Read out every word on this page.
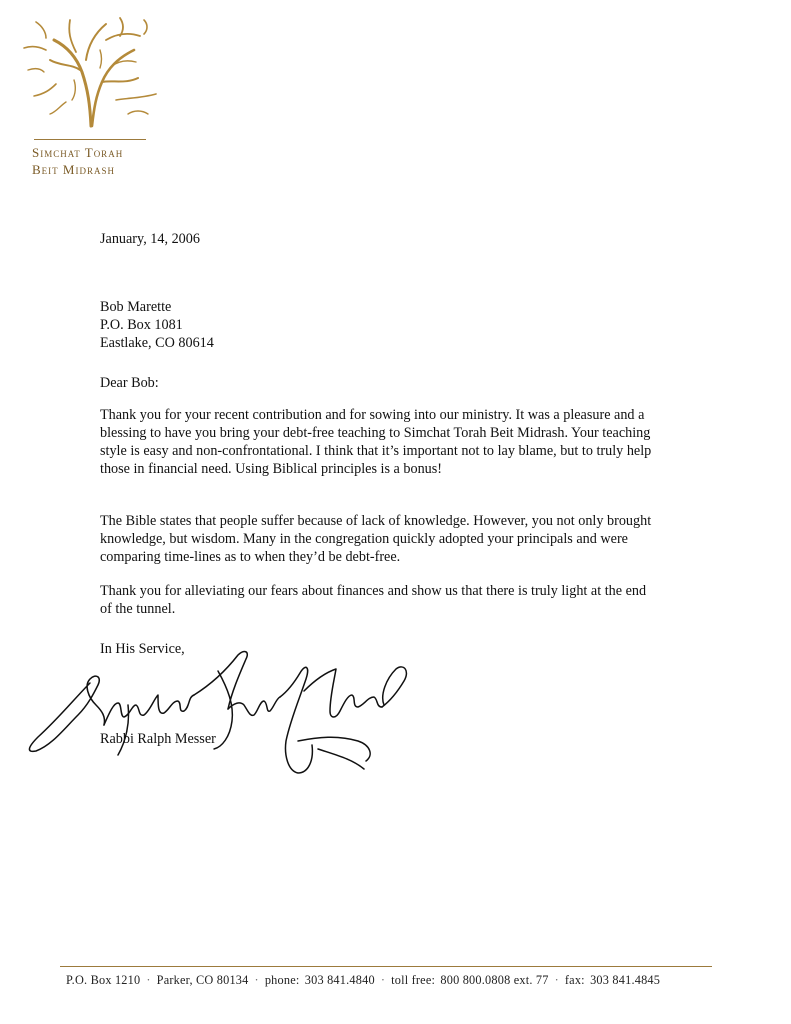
Simchat Torah
Beit Midrash
January, 14, 2006
Bob Marette
P.O. Box 1081
Eastlake, CO 80614
Dear Bob:
Thank you for your recent contribution and for sowing into our ministry. It was a pleasure and a blessing to have you bring your debt-free teaching to Simchat Torah Beit Midrash. Your teaching style is easy and non-confrontational. I think that it’s important not to lay blame, but to truly help those in financial need. Using Biblical principles is a bonus!
The Bible states that people suffer because of lack of knowledge. However, you not only brought knowledge, but wisdom. Many in the congregation quickly adopted your principals and were comparing time-lines as to when they’d be debt-free.
Thank you for alleviating our fears about finances and show us that there is truly light at the end of the tunnel.
In His Service,
Rabbi Ralph Messer
P.O. Box 1210 · Parker, CO 80134 · phone: 303 841.4840 · toll free: 800 800.0808 ext. 77 · fax: 303 841.4845
